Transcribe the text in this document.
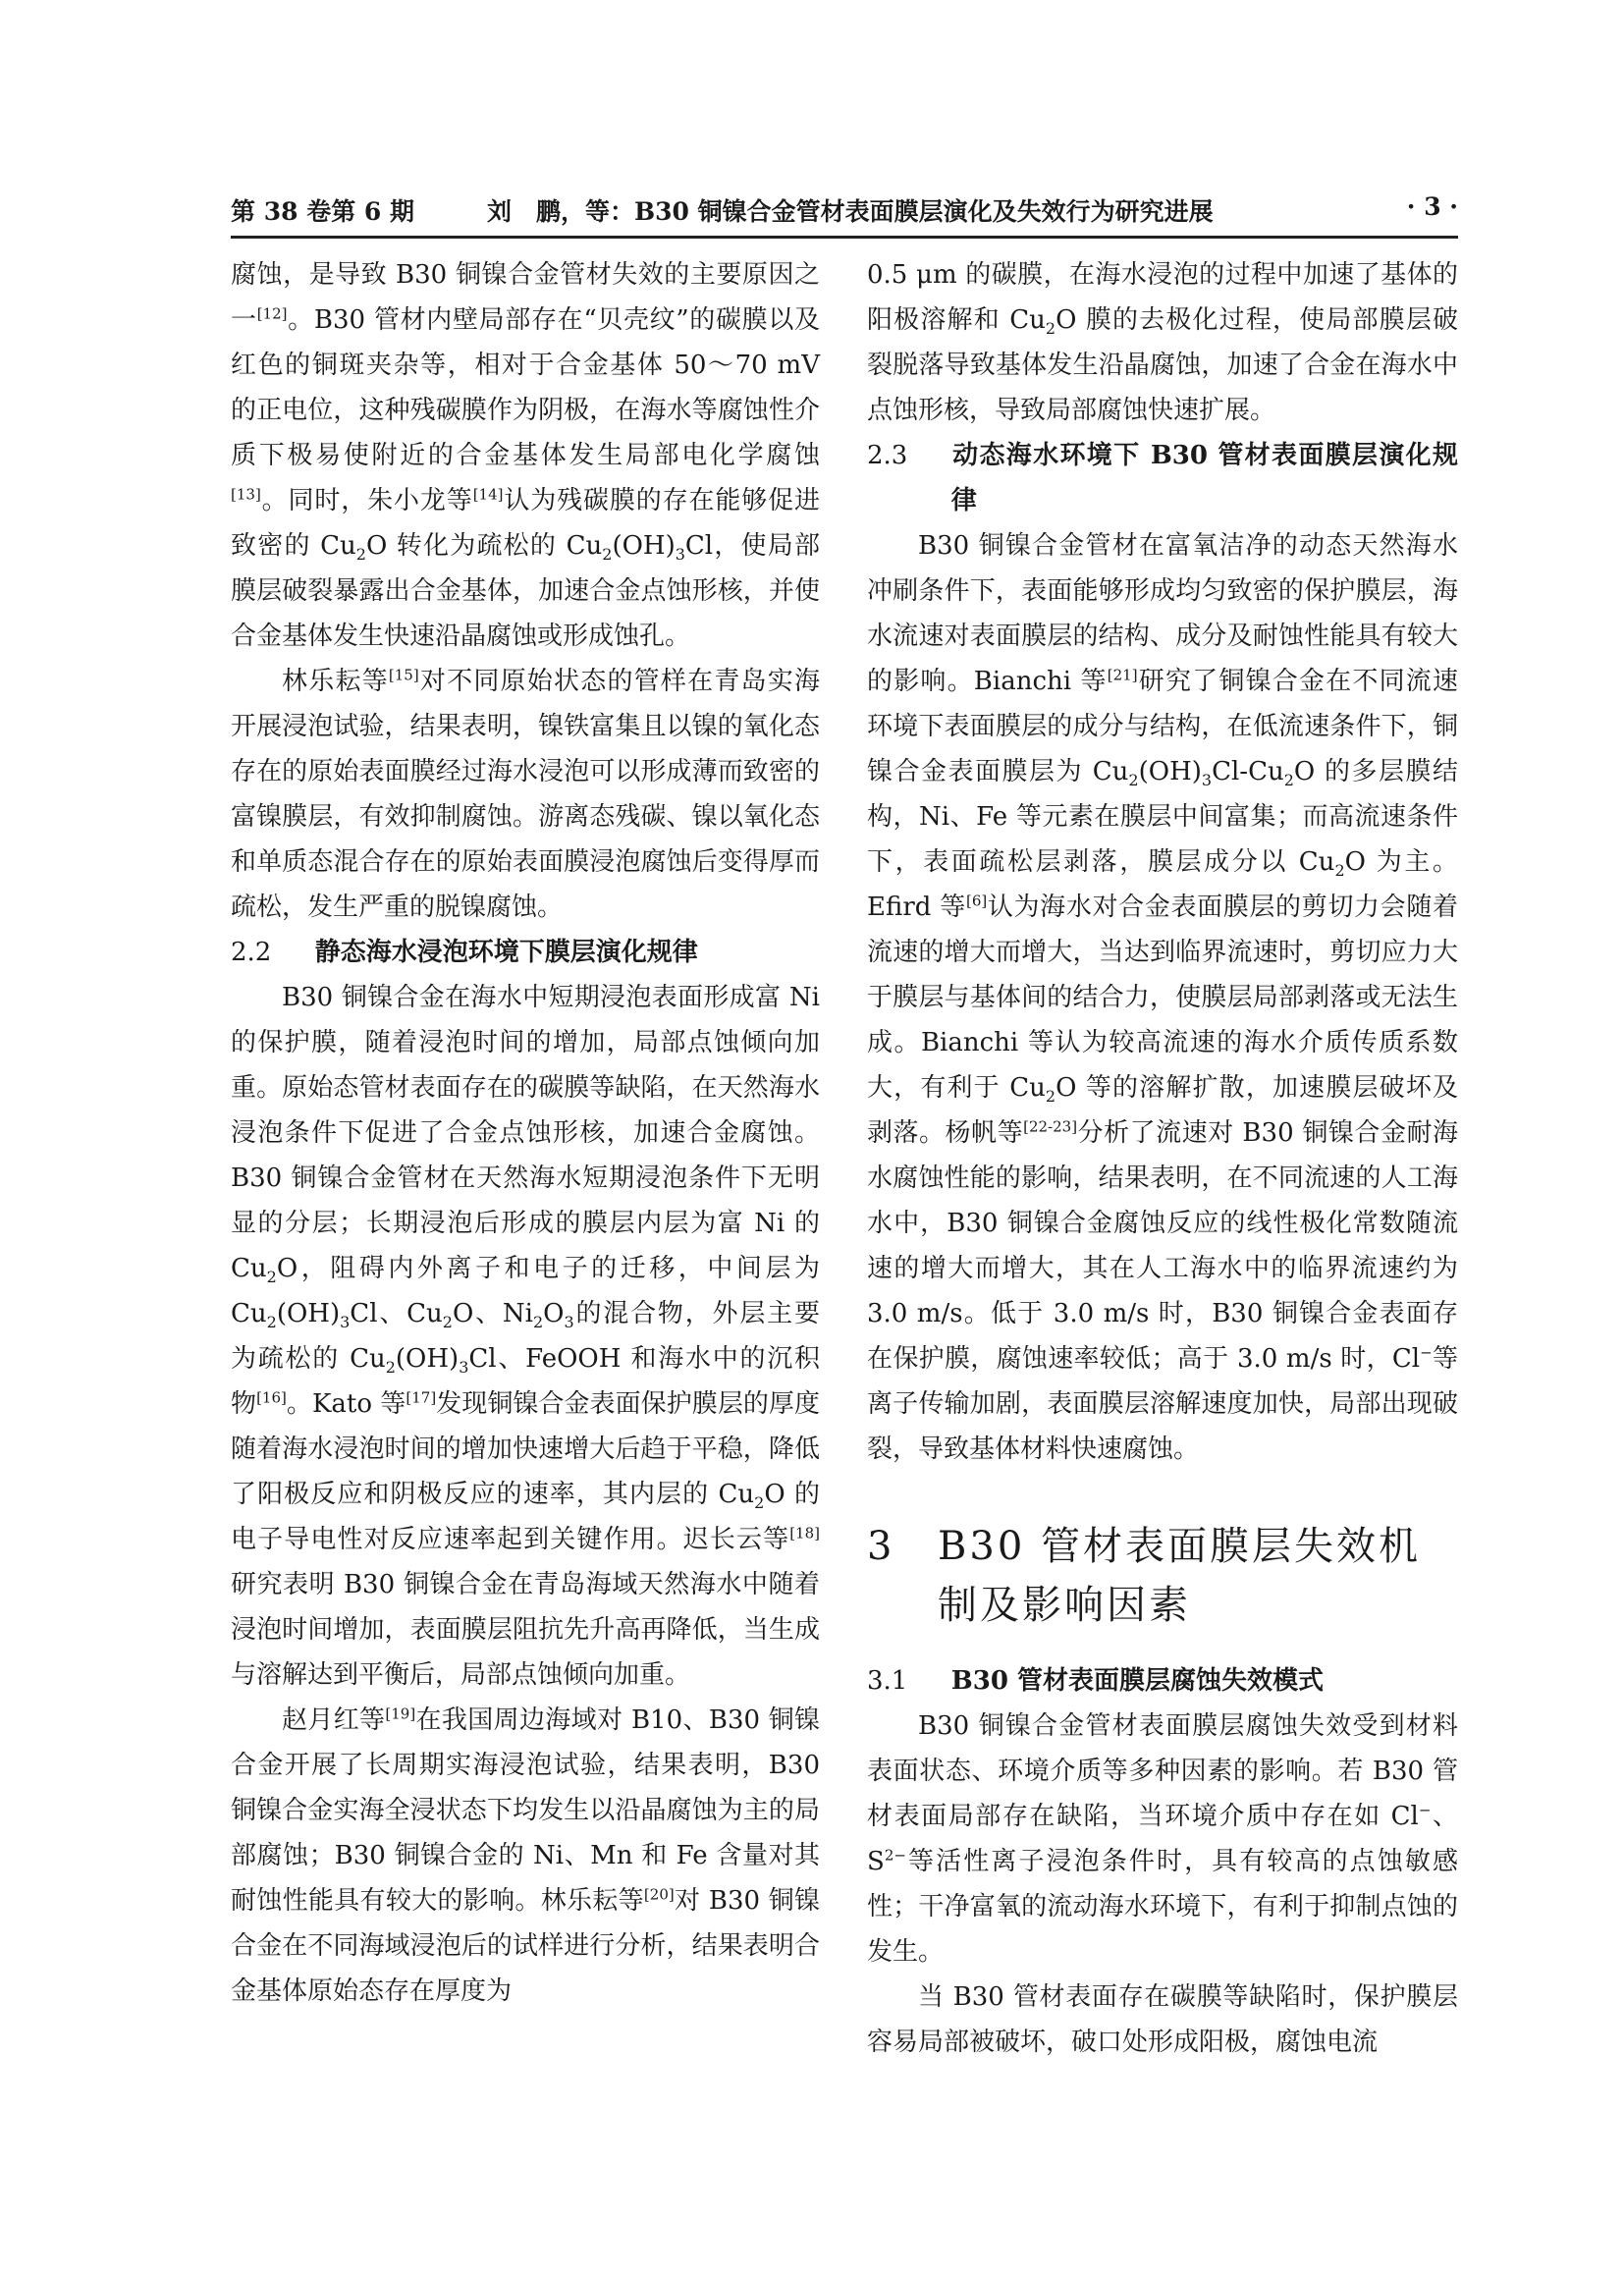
第 38 卷第 6 期	刘　鹏，等：B30 铜镍合金管材表面膜层演化及失效行为研究进展	· 3 ·

腐蚀，是导致 B30 铜镍合金管材失效的主要原因之一[12]。B30 管材内壁局部存在“贝壳纹”的碳膜以及红色的铜斑夹杂等，相对于合金基体 50～70 mV 的正电位，这种残碳膜作为阴极，在海水等腐蚀性介质下极易使附近的合金基体发生局部电化学腐蚀[13]。同时，朱小龙等[14]认为残碳膜的存在能够促进致密的 $Cu_2O$ 转化为疏松的 $Cu_2(OH)_3Cl$，使局部膜层破裂暴露出合金基体，加速合金点蚀形核，并使合金基体发生快速沿晶腐蚀或形成蚀孔。

林乐耘等[15]对不同原始状态的管样在青岛实海开展浸泡试验，结果表明，镍铁富集且以镍的氧化态存在的原始表面膜经过海水浸泡可以形成薄而致密的富镍膜层，有效抑制腐蚀。游离态残碳、镍以氧化态和单质态混合存在的原始表面膜浸泡腐蚀后变得厚而疏松，发生严重的脱镍腐蚀。

2.2 静态海水浸泡环境下膜层演化规律

B30 铜镍合金在海水中短期浸泡表面形成富 Ni 的保护膜，随着浸泡时间的增加，局部点蚀倾向加重。原始态管材表面存在的碳膜等缺陷，在天然海水浸泡条件下促进了合金点蚀形核，加速合金腐蚀。B30 铜镍合金管材在天然海水短期浸泡条件下无明显的分层；长期浸泡后形成的膜层内层为富 Ni 的 $Cu_2O$，阻碍内外离子和电子的迁移，中间层为 $Cu_2(OH)_3Cl$、$Cu_2O$、$Ni_2O_3$的混合物，外层主要为疏松的 $Cu_2(OH)_3Cl$、FeOOH 和海水中的沉积物[16]。Kato 等[17]发现铜镍合金表面保护膜层的厚度随着海水浸泡时间的增加快速增大后趋于平稳，降低了阳极反应和阴极反应的速率，其内层的 $Cu_2O$ 的电子导电性对反应速率起到关键作用。迟长云等[18]研究表明 B30 铜镍合金在青岛海域天然海水中随着浸泡时间增加，表面膜层阻抗先升高再降低，当生成与溶解达到平衡后，局部点蚀倾向加重。

赵月红等[19]在我国周边海域对 B10、B30 铜镍合金开展了长周期实海浸泡试验，结果表明，B30 铜镍合金实海全浸状态下均发生以沿晶腐蚀为主的局部腐蚀；B30 铜镍合金的 Ni、Mn 和 Fe 含量对其耐蚀性能具有较大的影响。林乐耘等[20]对 B30 铜镍合金在不同海域浸泡后的试样进行分析，结果表明合金基体原始态存在厚度为

0.5 μm 的碳膜，在海水浸泡的过程中加速了基体的阳极溶解和 $Cu_2O$ 膜的去极化过程，使局部膜层破裂脱落导致基体发生沿晶腐蚀，加速了合金在海水中点蚀形核，导致局部腐蚀快速扩展。

2.3 动态海水环境下 B30 管材表面膜层演化规律

B30 铜镍合金管材在富氧洁净的动态天然海水冲刷条件下，表面能够形成均匀致密的保护膜层，海水流速对表面膜层的结构、成分及耐蚀性能具有较大的影响。Bianchi 等[21]研究了铜镍合金在不同流速环境下表面膜层的成分与结构，在低流速条件下，铜镍合金表面膜层为 $Cu_2(OH)_3Cl-Cu_2O$ 的多层膜结构，Ni、Fe 等元素在膜层中间富集；而高流速条件下，表面疏松层剥落，膜层成分以 $Cu_2O$ 为主。Efird 等[6]认为海水对合金表面膜层的剪切力会随着流速的增大而增大，当达到临界流速时，剪切应力大于膜层与基体间的结合力，使膜层局部剥落或无法生成。Bianchi 等认为较高流速的海水介质传质系数大，有利于 $Cu_2O$ 等的溶解扩散，加速膜层破坏及剥落。杨帆等[22-23]分析了流速对 B30 铜镍合金耐海水腐蚀性能的影响，结果表明，在不同流速的人工海水中，B30 铜镍合金腐蚀反应的线性极化常数随流速的增大而增大，其在人工海水中的临界流速约为 3.0 m/s。低于 3.0 m/s 时，B30 铜镍合金表面存在保护膜，腐蚀速率较低；高于 3.0 m/s 时，Cl−等离子传输加剧，表面膜层溶解速度加快，局部出现破裂，导致基体材料快速腐蚀。

3 B30 管材表面膜层失效机制及影响因素

3.1 B30 管材表面膜层腐蚀失效模式

B30 铜镍合金管材表面膜层腐蚀失效受到材料表面状态、环境介质等多种因素的影响。若 B30 管材表面局部存在缺陷，当环境介质中存在如 Cl−、$S^{2-}$等活性离子浸泡条件时，具有较高的点蚀敏感性；干净富氧的流动海水环境下，有利于抑制点蚀的发生。

当 B30 管材表面存在碳膜等缺陷时，保护膜层容易局部被破坏，破口处形成阳极，腐蚀电流
